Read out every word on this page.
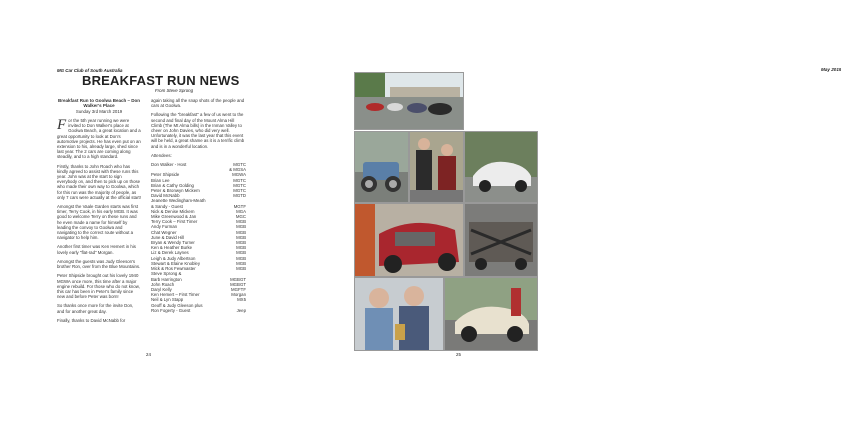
MG Car Club of South Australia
BREAKFAST RUN NEWS
From Steve Sprong
Breakfast Run to Goolwa Beach – Don Walker's Place
Sunday 3rd March 2019

For the 5th year running we were invited to Don Walker's place at Goolwa Beach, a great location and a great opportunity to look at Don's automotive projects. He has even put on an extension to his, already large, shed since last year. The 2 cars are coming along steadily, and to a high standard.

Firstly, thanks to John Roach who has kindly agreed to assist with these runs this year. John was at the start to sign everybody on, and then to pick up on those who made their own way to Goolwa, which for this run was the majority of people, as only 7 cars were actually at the official start!

Amongst the Vaale Garden starts was first timer, Terry Cook, in his early MGB. It was good to welcome Terry on these runs and he even made a name for himself by leading the convoy to Goolwa and navigating to the correct route without a navigator to help him.

Another first timer was Ken Hemert in his lovely early "flat-rad" Morgan.

Amongst the guests was Judy Gleeson's brother Ron, over from the Blue Mountains.

Peter Shipside brought out his lovely 1940 MGWA once more, this time after a major engine rebuild. For those who do not know, this car has been in Peter's family since new and before Peter was born!

So thanks once more for the invite Don, and for another great day.

Finally, thanks to David McNabb for

again taking all the snap shots of the people and cars at Goolwa.

Following the "breakfast" a few of us went to the second and final day of the Mount Alma Hill Climb (The Mt Alma bills) in the Inman Valley to cheer on John Davies, who did very well. Unfortunately, it was the last year that this event will be held, a great shame as it is a terrific climb and is in a wonderful location.

Attendees:

Don Walker - Host	MGTC
& MGSA
Peter Shipside	MGWA
Brian Lee	MGTC
Brian & Cathy Golding	MGTC
Peter & Bronwyn Mickem	MGTC
David McNabb	MGTD
Jeanette Wedingham-Meath
& Sandy - Guest	MGTF
Nick & Denise Mickem	MGA
Mike Greenwood & Jan	MGC
Terry Cook – First Timer	MGB
Andy Furman	MGB
Chat Wegner	MGB
June & David Hill	MGB
Bryan & Wendy Turner	MGB
Ken & Heather Burke	MGB
Liz & Derek Laynes	MGB
Leigh & Judy Albertson	MGB
Stewart & Elaine Knobley	MGB
Mick & Ros Fewmaster	MGB
Steve Sprong &
Barb Harrington	MGBGT
John Roach	MGBGT
Daryl Kelly	MGFTF
Ken Hemert – First Timer	Morgan
Neil & Lyn Stapp	MX5
Geoff & Judy Gleeson plus
Ron Fogerty - Guest	Jeep
24
May 2019
25
